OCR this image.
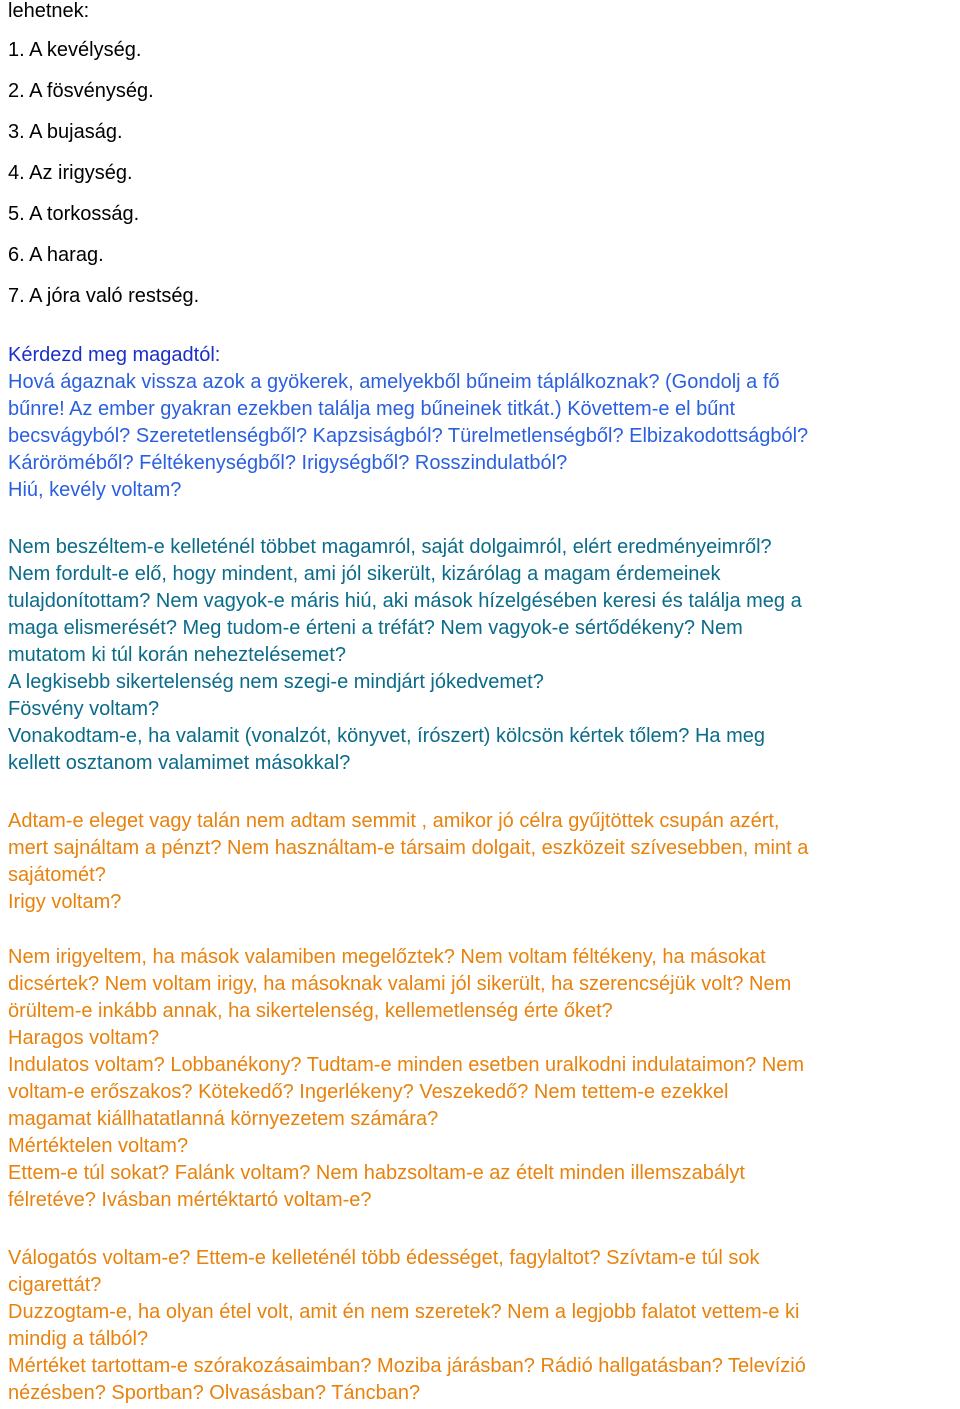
lehetnek:
1. A kevélység.
2. A fösvénység.
3. A bujaság.
4. Az irigység.
5. A torkosság.
6. A harag.
7. A jóra való restség.
Kérdezd meg magadtól:
Hová ágaznak vissza azok a gyökerek, amelyekből bűneim táplálkoznak? (Gondolj a fő
bűnre! Az ember gyakran ezekben találja meg bűneinek titkát.) Követtem-e el bűnt
becsvágyból? Szeretetlenségből? Kapzsiságból? Türelmetlenségből? Elbizakodottságból?
Káröröméből? Féltékenységből? Irigységből? Rosszindulatból?
Hiú, kevély voltam?
Nem beszéltem-e kelleténél többet magamról, saját dolgaimról, elért eredményeimről?
Nem fordult-e elő, hogy mindent, ami jól sikerült, kizárólag a magam érdemeinek
tulajdonítottam? Nem vagyok-e máris hiú, aki mások hízelgésében keresi és találja meg a
maga elismerését? Meg tudom-e érteni a tréfát? Nem vagyok-e sértődékeny? Nem
mutatom ki túl korán neheztelésemet?
A legkisebb sikertelenség nem szegi-e mindjárt jókedvemet?
Fösvény voltam?
Vonakodtam-e, ha valamit (vonalzót, könyvet, írószert) kölcsön kértek tőlem? Ha meg
kellett osztanom valamimet másokkal?
Adtam-e eleget vagy talán nem adtam semmit , amikor jó célra gyűjtöttek csupán azért,
mert sajnáltam a pénzt? Nem használtam-e társaim dolgait, eszközeit szívesebben, mint a
sajátomét?
Irigy voltam?
Nem irigyeltem, ha mások valamiben megelőztek? Nem voltam féltékeny, ha másokat
dicsértek? Nem voltam irigy, ha másoknak valami jól sikerült, ha szerencséjük volt? Nem
örültem-e inkább annak, ha sikertelenség, kellemetlenség érte őket?
Haragos voltam?
Indulatos voltam? Lobbanékony? Tudtam-e minden esetben uralkodni indulataimon? Nem
voltam-e erőszakos? Kötekedő? Ingerlékeny? Veszekedő? Nem tettem-e ezekkel
magamat kiállhatatlanná környezetem számára?
Mértéktelen voltam?
Ettem-e túl sokat? Falánk voltam? Nem habzsoltam-e az ételt minden illemszabályt
félretéve? Ivásban mértéktartó voltam-e?
Válogatós voltam-e? Ettem-e kelleténél több édességet, fagylaltot? Szívtam-e túl sok
cigarettát?
Duzzogtam-e, ha olyan étel volt, amit én nem szeretek? Nem a legjobb falatot vettem-e ki
mindig a tálból?
Mértéket tartottam-e szórakozásaimban? Moziba járásban? Rádió hallgatásban? Televízió
nézésben? Sportban? Olvasásban? Táncban?
